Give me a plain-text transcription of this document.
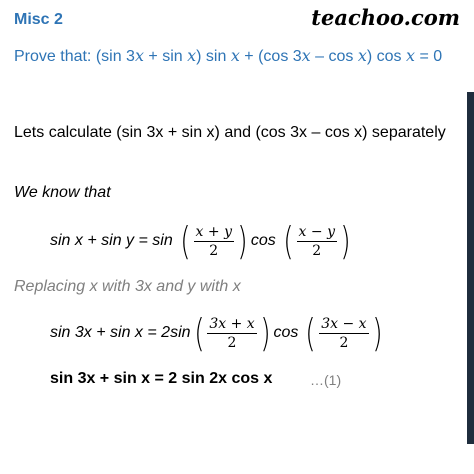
Misc 2	teachoo.com
Prove that: (sin 3x + sin x) sin x + (cos 3x – cos x) cos x = 0
Lets calculate (sin 3x + sin x) and (cos 3x – cos x) separately
We know that
sin x + sin y = sin ( $\frac{x + y}{2}$ ) cos ( $\frac{x - y}{2}$ )
Replacing x with 3x and y with x
sin 3x + sin x = 2sin ( $\frac{3x + x}{2}$ ) cos ( $\frac{3x - x}{2}$ )
sin 3x + sin x = 2 sin 2x cos x	…(1)
